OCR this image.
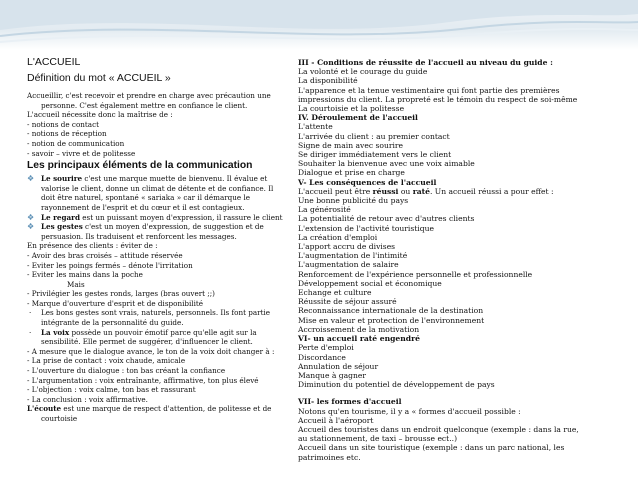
L'ACCUEIL
Définition du mot « ACCUEIL »
Accueillir, c'est recevoir et prendre en charge avec précaution une
personne. C'est également mettre en confiance le client.
L'accueil nécessite donc la maîtrise de :
- notions de contact
- notions de réception
- notion de communication
- savoir – vivre et de politesse
Les principaux éléments de la communication
❖ Le sourire c'est une marque muette de bienvenu. Il évalue et
valorise le client, donne un climat de détente et de confiance. Il
doit être naturel, spontané « sariaka » car il démarque le
rayonnement de l'esprit et du cœur et il est contagieux.
❖ Le regard est un puissant moyen d'expression, il rassure le client
❖ Les gestes c'est un moyen d'expression, de suggestion et de
persuasion. Ils traduisent et renforcent les messages.
En présence des clients : éviter de :
- Avoir des bras croisés – attitude réservée
- Eviter les poings fermés – dénote l'irritation
- Eviter les mains dans la poche
Mais
- Privilégier les gestes ronds, larges (bras ouvert ;;)
- Marque d'ouverture d'esprit et de disponibilité
· Les bons gestes sont vrais, naturels, personnels. Ils font partie
intégrante de la personnalité du guide.
· La voix possède un pouvoir émotif parce qu'elle agit sur la
sensibilité. Elle permet de suggérer, d'influencer le client.
- A mesure que le dialogue avance, le ton de la voix doit changer à :
- La prise de contact : voix chaude, amicale
- L'ouverture du dialogue : ton bas créant la confiance
- L'argumentation : voix entraînante, affirmative, ton plus élevé
- L'objection : voix calme, ton bas et rassurant
- La conclusion : voix affirmative.
L'écoute est une marque de respect d'attention, de politesse et de
courtoisie
III - Conditions de réussite de l'accueil au niveau du guide :
La volonté et le courage du guide
La disponibilité
L'apparence et la tenue vestimentaire qui font partie des premières
impressions du client. La propreté est le témoin du respect de soi-même
La courtoisie et la politesse
IV. Déroulement de l'accueil
L'attente
L'arrivée du client : au premier contact
Signe de main avec sourire
Se diriger immédiatement vers le client
Souhaiter la bienvenue avec une voix aimable
Dialogue et prise en charge
V- Les conséquences de l'accueil
L'accueil peut être réussi ou raté. Un accueil réussi a pour effet :
Une bonne publicité du pays
La générosité
La potentialité de retour avec d'autres clients
L'extension de l'activité touristique
La création d'emploi
L'apport accru de divises
L'augmentation de l'intimité
L'augmentation de salaire
Renforcement de l'expérience personnelle et professionnelle
Développement social et économique
Echange et culture
Réussite de séjour assuré
Reconnaissance internationale de la destination
Mise en valeur et protection de l'environnement
Accroissement de la motivation
VI- un accueil raté engendré
Perte d'emploi
Discordance
Annulation de séjour
Manque à gagner
Diminution du potentiel de développement de pays
VII- les formes d'accueil
Notons qu'en tourisme, il y a « formes d'accueil possible :
Accueil à l'aéroport
Accueil des touristes dans un endroit quelconque (exemple : dans la rue,
au stationnement, de taxi – brousse ect..)
Accueil dans un site touristique (exemple : dans un parc national, les
patrimoines etc.
